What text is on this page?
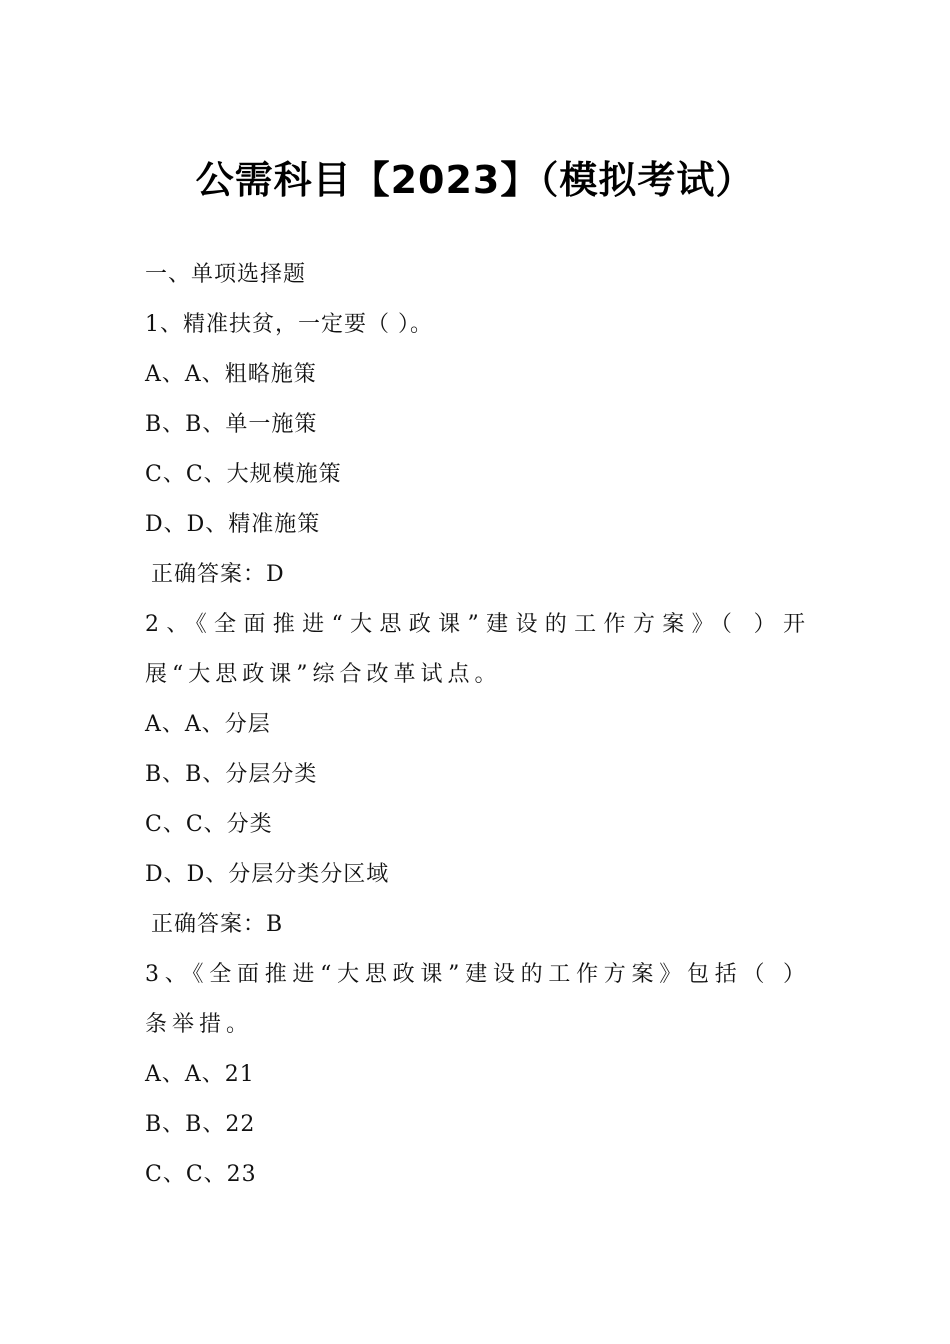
公需科目【2023】（模拟考试）
一、单项选择题
1、精准扶贫，一定要（ ）。
A、A、粗略施策
B、B、单一施策
C、C、大规模施策
D、D、精准施策
正确答案：D
2、《全面推进“大思政课”建设的工作方案》（ ）开展“大思政课”综合改革试点。
A、A、分层
B、B、分层分类
C、C、分类
D、D、分层分类分区域
正确答案：B
3、《全面推进“大思政课”建设的工作方案》包括（ ）条举措。
A、A、21
B、B、22
C、C、23
